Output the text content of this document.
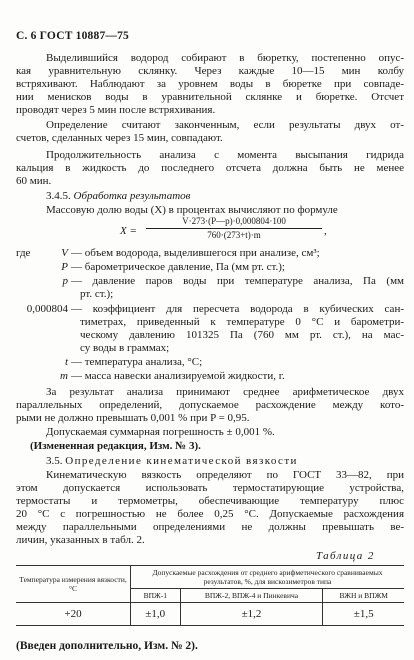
С. 6 ГОСТ 10887—75
Выделившийся водород собирают в бюретку, постепенно опус-
кая уравнительную склянку. Через каждые 10—15 мин колбу
встряхивают. Наблюдают за уровнем воды в бюретке при совпаде-
нии менисков воды в уравнительной склянке и бюретке. Отсчет
проводят через 5 мин после встряхивания.
Определение считают законченным, если результаты двух от-
счетов, сделанных через 15 мин, совпадают.
Продолжительность анализа с момента высыпания гидрида
кальция в жидкость до последнего отсчета должна быть не менее
60 мин.
3.4.5. Обработка результатов
Массовую долю воды (X) в процентах вычисляют по формуле
$X = \frac{V\cdot 273\cdot(P—p)\cdot 0,000804\cdot 100}{760\cdot(273+t)\cdot m}$ ,
где	V — объем водорода, выделившегося при анализе, см³;
P — барометрическое давление, Па (мм рт. ст.);
p — давление паров воды при температуре анализа, Па (мм
рт. ст.);
0,000804 — коэффициент для пересчета водорода в кубических сан-
тиметрах, приведенный к температуре 0 °С и барометри-
ческому давлению 101325 Па (760 мм рт. ст.), на мас-
су воды в граммах;
t — температура анализа, °С;
m — масса навески анализируемой жидкости, г.
За результат анализа принимают среднее арифметическое двух
параллельных определений, допускаемое расхождение между кото-
рыми не должно превышать 0,001 % при P = 0,95.
Допускаемая суммарная погрешность ± 0,001 %.
(Измененная редакция, Изм. № 3).
3.5. Определение кинематической вязкости
Кинематическую вязкость определяют по ГОСТ 33—82, при
этом допускается использовать термостатирующие устройства,
термостаты и термометры, обеспечивающие температуру плюс
20 °С с погрешностью не более 0,25 °С. Допускаемые расхождения
между параллельными определениями не должны превышать ве-
личин, указанных в табл. 2.
Таблица 2
Температура измерения вязкости, °С	Допускаемые расхождения от среднего арифметического сравниваемых результатов, %, для вискозиметров типа		
	ВПЖ-1	ВПЖ-2, ВПЖ-4 и Пинкевича	ВЖН и ВПЖМ
+20	±1,0	±1,2	±1,5
(Введен дополнительно, Изм. № 2).
